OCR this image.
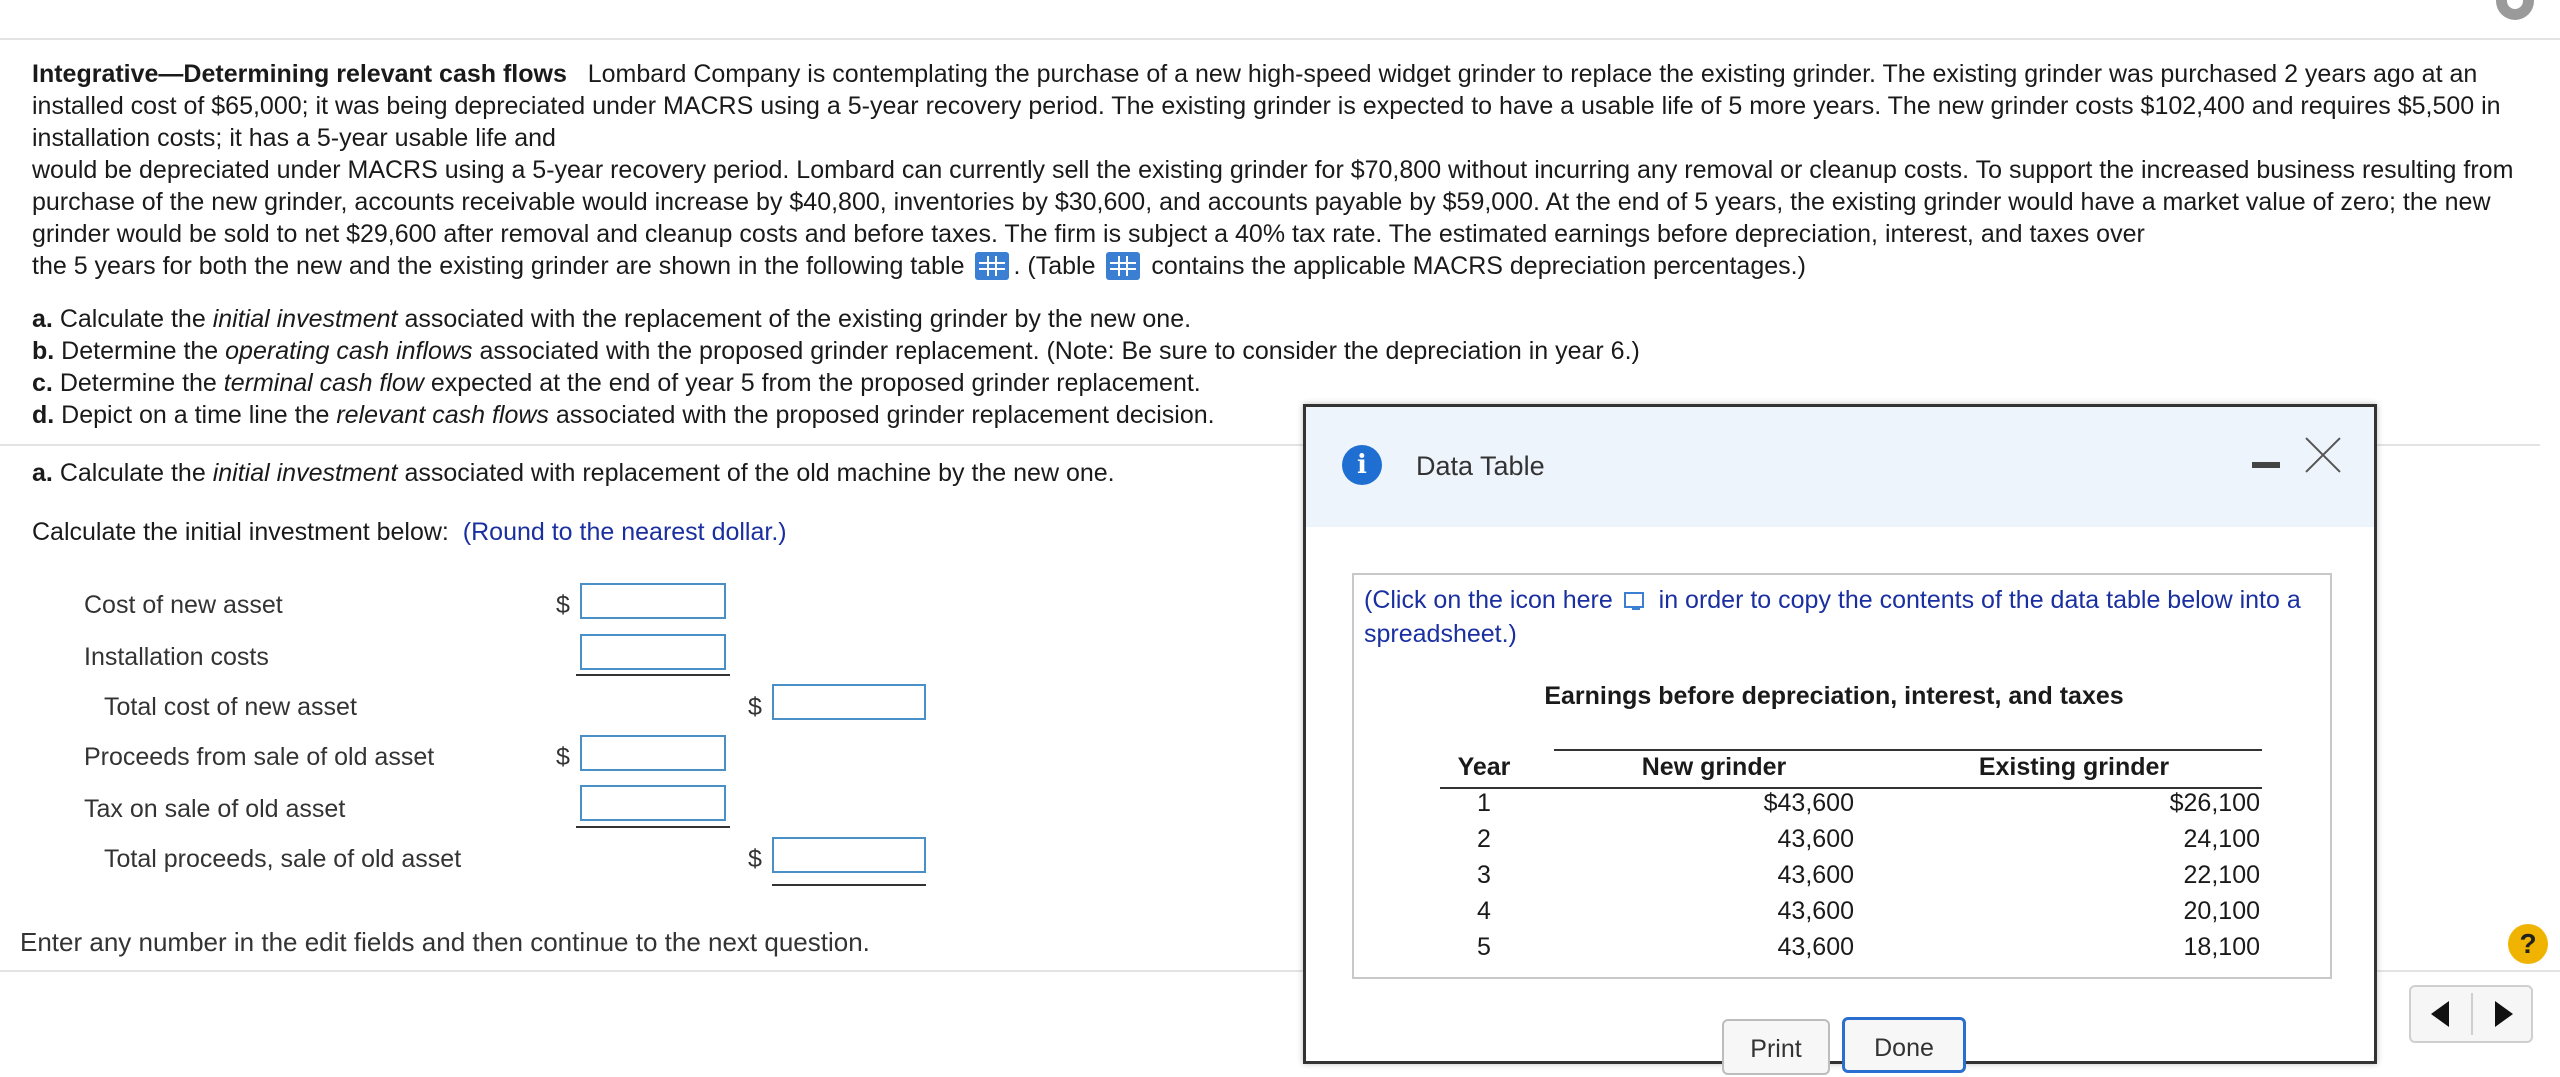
Integrative—Determining relevant cash flows Lombard Company is contemplating the purchase of a new high-speed widget grinder to replace the existing grinder. The existing grinder was purchased 2 years ago at an installed cost of $65,000; it was being depreciated under MACRS using a 5-year recovery period. The existing grinder is expected to have a usable life of 5 more years. The new grinder costs $102,400 and requires $5,500 in installation costs; it has a 5-year usable life and
would be depreciated under MACRS using a 5-year recovery period. Lombard can currently sell the existing grinder for $70,800 without incurring any removal or cleanup costs. To support the increased business resulting from purchase of the new grinder, accounts receivable would increase by $40,800, inventories by $30,600, and accounts payable by $59,000. At the end of 5 years, the existing grinder would have a market value of zero; the new grinder would be sold to net $29,600 after removal and cleanup costs and before taxes. The firm is subject a 40% tax rate. The estimated earnings before depreciation, interest, and taxes over
the 5 years for both the new and the existing grinder are shown in the following table . (Table contains the applicable MACRS depreciation percentages.)
a. Calculate the initial investment associated with the replacement of the existing grinder by the new one.
b. Determine the operating cash inflows associated with the proposed grinder replacement. (Note: Be sure to consider the depreciation in year 6.)
c. Determine the terminal cash flow expected at the end of year 5 from the proposed grinder replacement.
d. Depict on a time line the relevant cash flows associated with the proposed grinder replacement decision.
a. Calculate the initial investment associated with replacement of the old machine by the new one.
Calculate the initial investment below: (Round to the nearest dollar.)
Cost of new asset	$
Installation costs
Total cost of new asset	$
Proceeds from sale of old asset	$
Tax on sale of old asset
Total proceeds, sale of old asset	$
Enter any number in the edit fields and then continue to the next question.	?
i	Data Table
(Click on the icon here in order to copy the contents of the data table below into a spreadsheet.)
Earnings before depreciation, interest, and taxes
Year	New grinder	Existing grinder
1	$43,600	$26,100
2	43,600	24,100
3	43,600	22,100
4	43,600	20,100
5	43,600	18,100
Print	Done
